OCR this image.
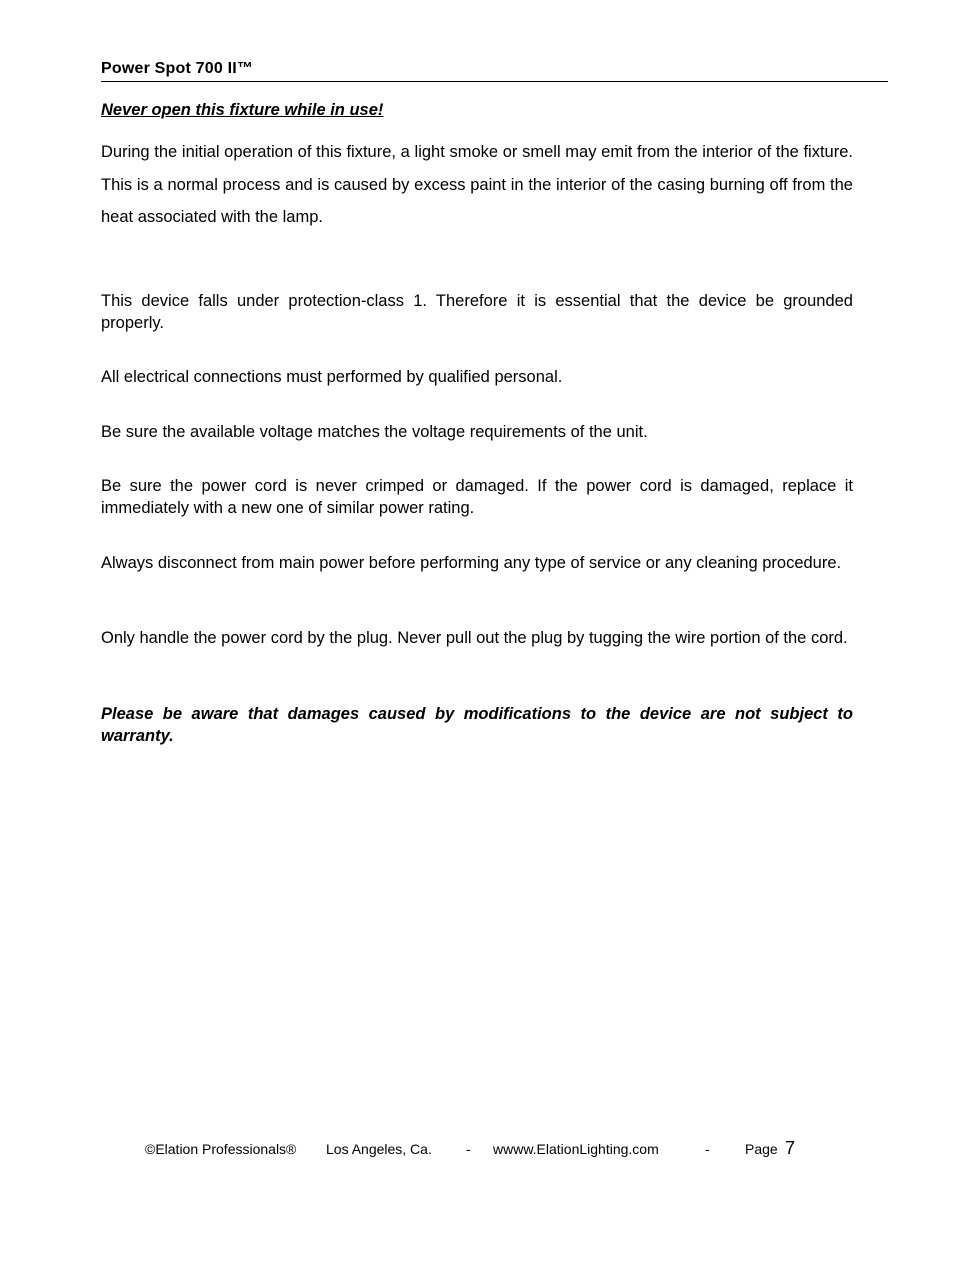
Power Spot 700 II™
Never open this fixture while in use!
During the initial operation of this fixture, a light smoke or smell may emit from the interior of the fixture. This is a normal process and is caused by excess paint in the interior of the casing burning off from the heat associated with the lamp.
This device falls under protection-class 1. Therefore it is essential that the device be grounded properly.
All electrical connections must performed by qualified personal.
Be sure the available voltage matches the voltage requirements of the unit.
Be sure the power cord is never crimped or damaged. If the power cord is damaged, replace it immediately with a new one of similar power rating.
Always disconnect from main power before performing any type of service or any cleaning procedure.
Only handle the power cord by the plug. Never pull out the plug by tugging the wire portion of the cord.
Please be aware that damages caused by modifications to the device are not subject to warranty.

©Elation Professionals®

Los Angeles, Ca.

-

wwww.ElationLighting.com

	-

	Page

7
